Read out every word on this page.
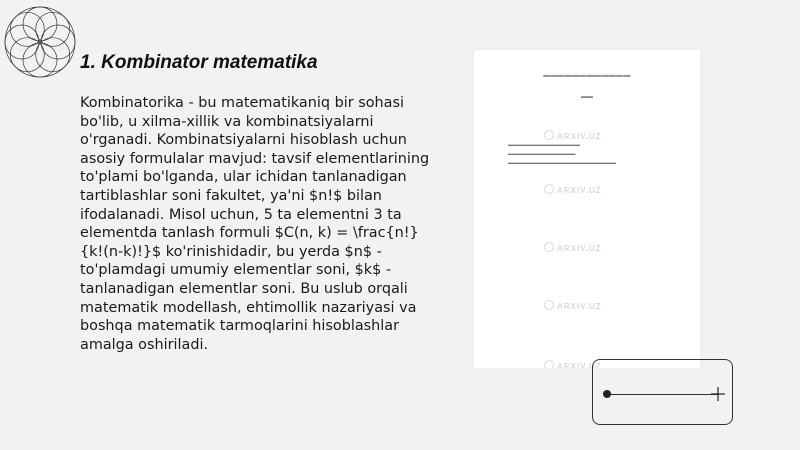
1. Kombinator matematika

Kombinatorika - bu matematikaniq bir sohasi bo'lib, u xilma-xillik va kombinatsiyalarni o'rganadi. Kombinatsiyalarni hisoblash uchun asosiy formulalar mavjud: tavsif elementlarining to'plami bo'lganda, ular ichidan tanlanadigan tartiblashlar soni fakultet, ya'ni $n!$ bilan ifodalanadi. Misol uchun, 5 ta elementni 3 ta elementda tanlash formuli $C(n, k) = \frac{n!}{k!(n-k)!}$ ko'rinishidadir, bu yerda $n$ - to'plamdagi umumiy elementlar soni, $k$ - tanlanadigan elementlar soni. Bu uslub orqali matematik modellash, ehtimollik nazariyasi va boshqa matematik tarmoqlarini hisoblashlar amalga oshiriladi.

▬▬▬▬▬▬▬▬▬▬▬▬
▬▬
▬▬▬▬▬▬▬▬▬▬▬▬▬▬▬▬
▬▬▬▬▬▬▬▬▬▬▬▬▬▬▬
▬▬▬▬▬▬▬▬▬▬▬▬▬▬▬▬▬▬▬▬▬▬▬▬
ARXIV.UZ
ARXIV.UZ
ARXIV.UZ
ARXIV.UZ
ARXIV.UZ
